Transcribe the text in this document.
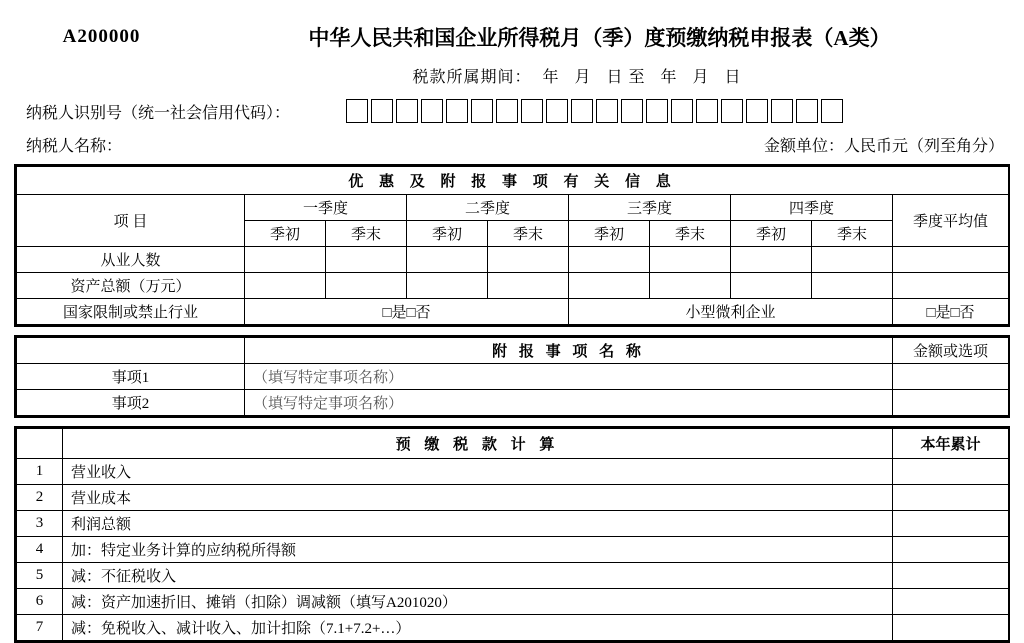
A200000	中华人民共和国企业所得税月（季）度预缴纳税申报表（A类）
税款所属期间： 年 月 日至 年 月 日
纳税人识别号（统一社会信用代码）：
纳税人名称：	金额单位：人民币元（列至角分）
优 惠 及 附 报 事 项 有 关 信 息									
项 目	一季度		二季度		三季度		四季度		季度平均值
	季初	季末	季初	季末	季初	季末	季初	季末	
从业人数									
资产总额（万元）									
国家限制或禁止行业	□是□否				小型微利企业				□是□否
	附 报 事 项 名 称	金额或选项
事项1	（填写特定事项名称）	
事项2	（填写特定事项名称）	
	预 缴 税 款 计 算	本年累计
1	营业收入	
2	营业成本	
3	利润总额	
4	加：特定业务计算的应纳税所得额	
5	减：不征税收入	
6	减：资产加速折旧、摊销（扣除）调减额（填写A201020）	
7	减：免税收入、减计收入、加计扣除（7.1+7.2+…）	
